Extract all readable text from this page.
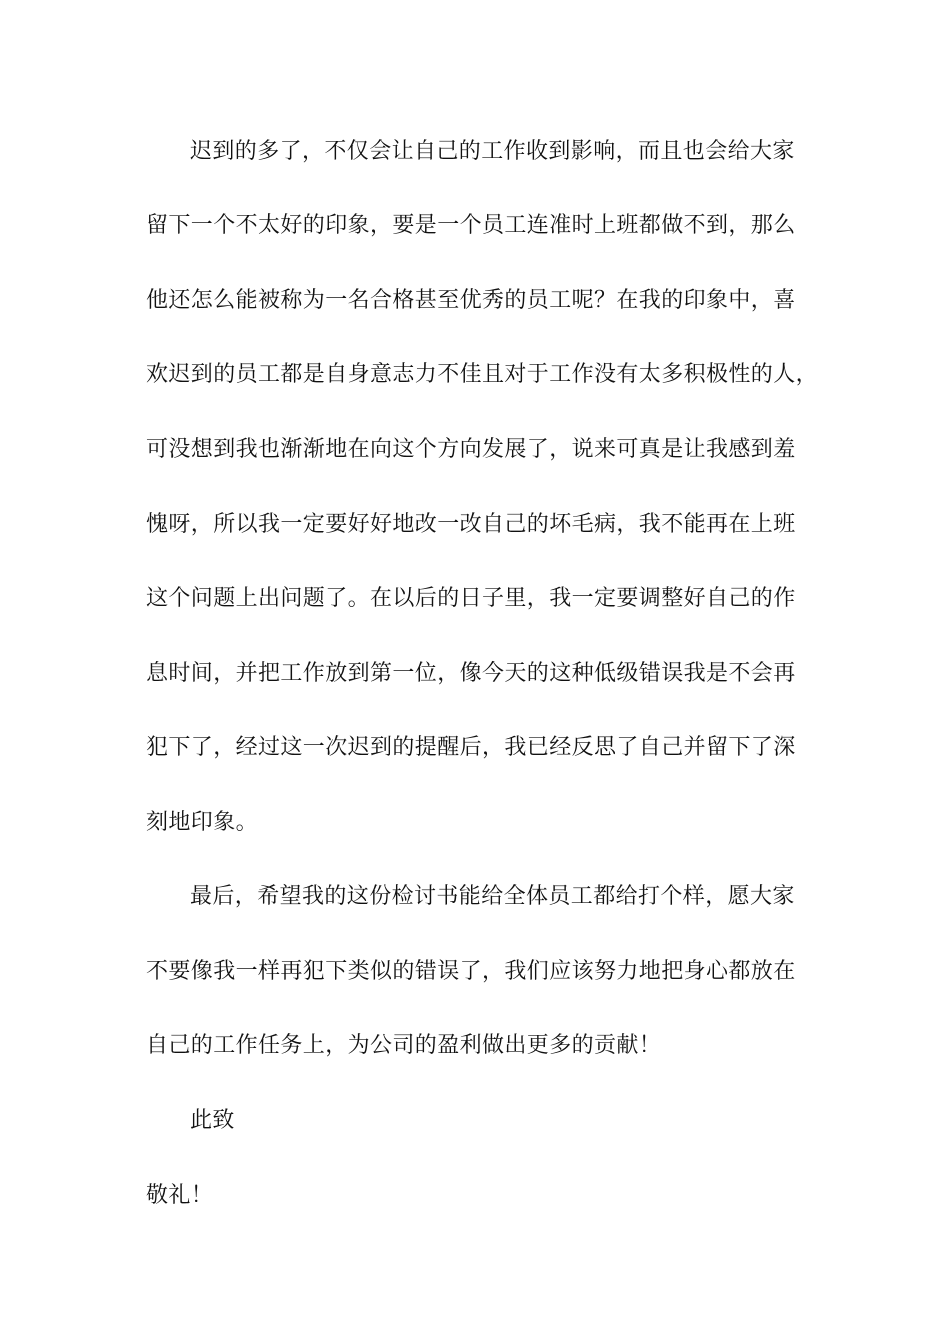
迟到的多了，不仅会让自己的工作收到影响，而且也会给大家
留下一个不太好的印象，要是一个员工连准时上班都做不到，那么
他还怎么能被称为一名合格甚至优秀的员工呢？在我的印象中，喜
欢迟到的员工都是自身意志力不佳且对于工作没有太多积极性的人，
可没想到我也渐渐地在向这个方向发展了，说来可真是让我感到羞
愧呀，所以我一定要好好地改一改自己的坏毛病，我不能再在上班
这个问题上出问题了。在以后的日子里，我一定要调整好自己的作
息时间，并把工作放到第一位，像今天的这种低级错误我是不会再
犯下了，经过这一次迟到的提醒后，我已经反思了自己并留下了深
刻地印象。
最后，希望我的这份检讨书能给全体员工都给打个样，愿大家
不要像我一样再犯下类似的错误了，我们应该努力地把身心都放在
自己的工作任务上，为公司的盈利做出更多的贡献！
此致
敬礼！
